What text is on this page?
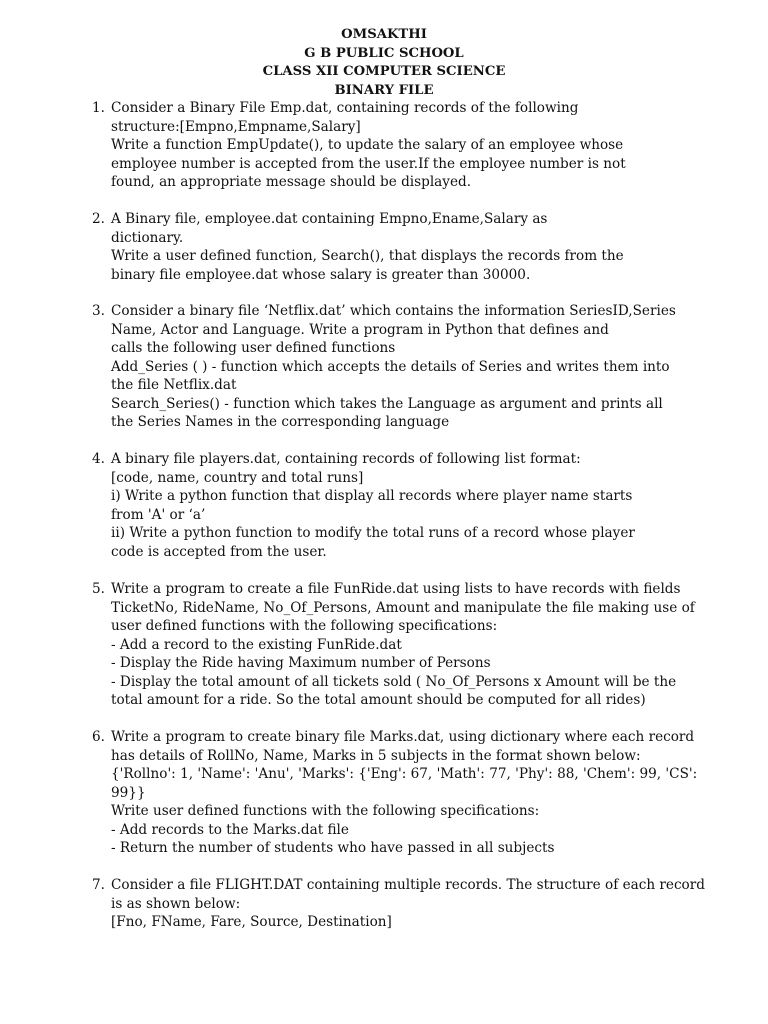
OMSAKTHI
G B PUBLIC SCHOOL
CLASS XII COMPUTER SCIENCE
BINARY FILE
1. Consider a Binary File Emp.dat, containing records of the following
structure:[Empno,Empname,Salary]
Write a function EmpUpdate(), to update the salary of an employee whose
employee number is accepted from the user.If the employee number is not
found, an appropriate message should be displayed.
2. A Binary file, employee.dat containing Empno,Ename,Salary as
dictionary.
Write a user defined function, Search(), that displays the records from the
binary file employee.dat whose salary is greater than 30000.
3. Consider a binary file ‘Netflix.dat’ which contains the information SeriesID,Series
Name, Actor and Language. Write a program in Python that defines and
calls the following user defined functions
Add_Series ( ) - function which accepts the details of Series and writes them into
the file Netflix.dat
Search_Series() - function which takes the Language as argument and prints all
the Series Names in the corresponding language
4. A binary file players.dat, containing records of following list format:
[code, name, country and total runs]
i) Write a python function that display all records where player name starts
from 'A' or ‘a’
ii) Write a python function to modify the total runs of a record whose player
code is accepted from the user.
5. Write a program to create a file FunRide.dat using lists to have records with fields
TicketNo, RideName, No_Of_Persons, Amount and manipulate the file making use of
user defined functions with the following specifications:
- Add a record to the existing FunRide.dat
- Display the Ride having Maximum number of Persons
- Display the total amount of all tickets sold ( No_Of_Persons x Amount will be the
total amount for a ride. So the total amount should be computed for all rides)
6. Write a program to create binary file Marks.dat, using dictionary where each record
has details of RollNo, Name, Marks in 5 subjects in the format shown below:
{'Rollno': 1, 'Name': 'Anu', 'Marks': {'Eng': 67, 'Math': 77, 'Phy': 88, 'Chem': 99, 'CS':
99}}
Write user defined functions with the following specifications:
- Add records to the Marks.dat file
- Return the number of students who have passed in all subjects
7. Consider a file FLIGHT.DAT containing multiple records. The structure of each record
is as shown below:
[Fno, FName, Fare, Source, Destination]
